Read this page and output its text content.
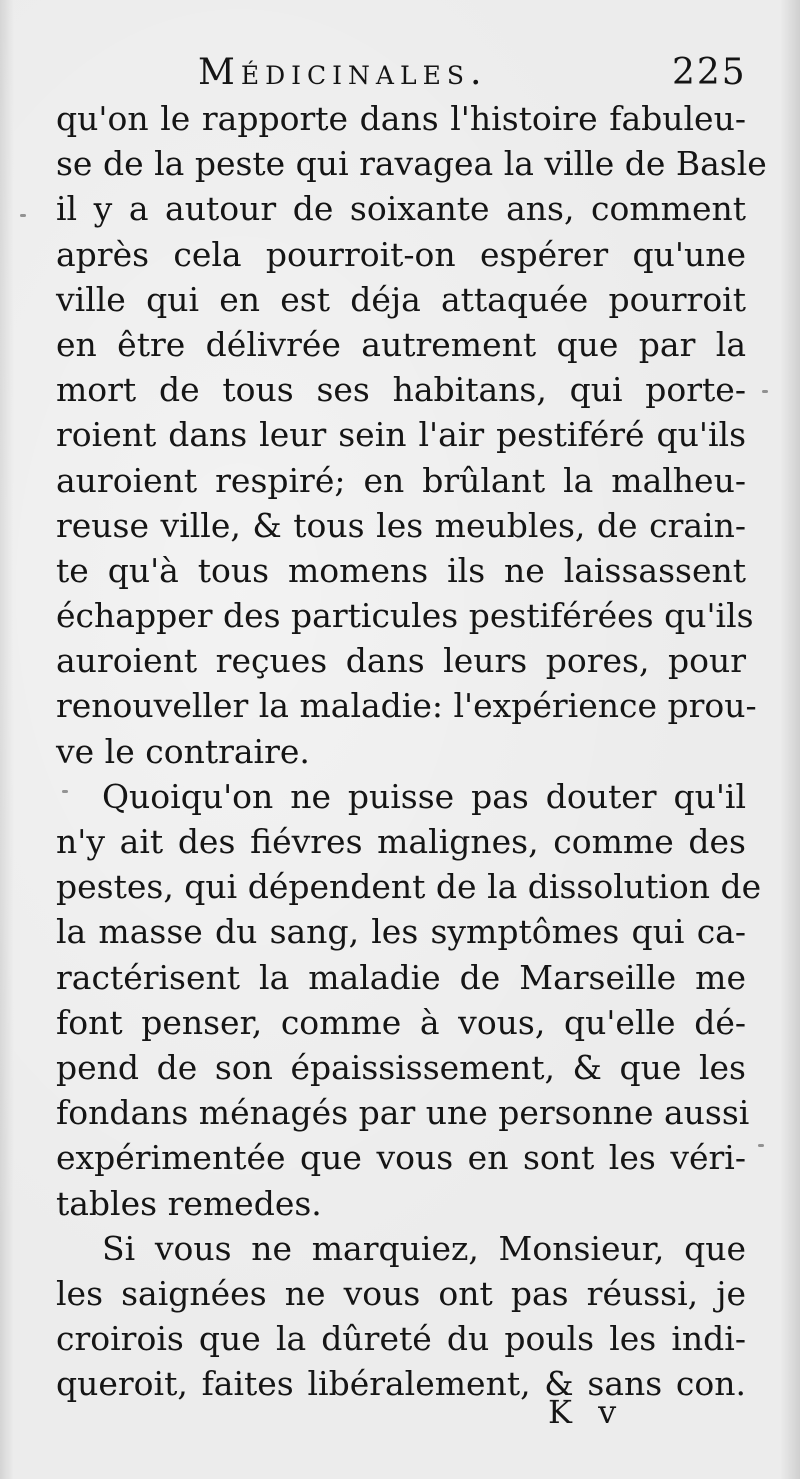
Médicinales.	225
qu'on le rapporte dans l'histoire fabuleu-
se de la peste qui ravagea la ville de Basle
il y a autour de soixante ans, comment
après cela pourroit-on espérer qu'une
ville qui en est déja attaquée pourroit
en être délivrée autrement que par la
mort de tous ses habitans, qui porte-
roient dans leur sein l'air pestiféré qu'ils
auroient respiré; en brûlant la malheu-
reuse ville, & tous les meubles, de crain-
te qu'à tous momens ils ne laissassent
échapper des particules pestiférées qu'ils
auroient reçues dans leurs pores, pour
renouveller la maladie: l'expérience prou-
ve le contraire.
Quoiqu'on ne puisse pas douter qu'il
n'y ait des fiévres malignes, comme des
pestes, qui dépendent de la dissolution de
la masse du sang, les symptômes qui ca-
ractérisent la maladie de Marseille me
font penser, comme à vous, qu'elle dé-
pend de son épaississement, & que les
fondans ménagés par une personne aussi
expérimentée que vous en sont les véri-
tables remedes.
Si vous ne marquiez, Monsieur, que
les saignées ne vous ont pas réussi, je
croirois que la dûreté du pouls les indi-
queroit, faites libéralement, & sans con.
K v
